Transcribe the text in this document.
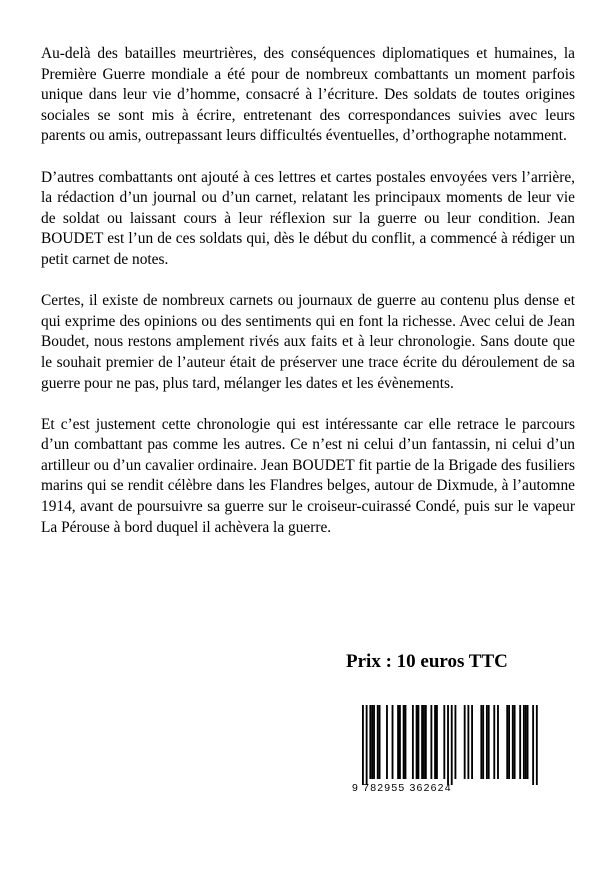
Au-delà des batailles meurtrières, des conséquences diplomatiques et humaines, la Première Guerre mondiale a été pour de nombreux combattants un moment parfois unique dans leur vie d’homme, consacré à l’écriture. Des soldats de toutes origines sociales se sont mis à écrire, entretenant des correspondances suivies avec leurs parents ou amis, outrepassant leurs difficultés éventuelles, d’orthographe notamment.

D’autres combattants ont ajouté à ces lettres et cartes postales envoyées vers l’arrière, la rédaction d’un journal ou d’un carnet, relatant les principaux moments de leur vie de soldat ou laissant cours à leur réflexion sur la guerre ou leur condition. Jean BOUDET est l’un de ces soldats qui, dès le début du conflit, a commencé à rédiger un petit carnet de notes.

Certes, il existe de nombreux carnets ou journaux de guerre au contenu plus dense et qui exprime des opinions ou des sentiments qui en font la richesse. Avec celui de Jean Boudet, nous restons amplement rivés aux faits et à leur chronologie. Sans doute que le souhait premier de l’auteur était de préserver une trace écrite du déroulement de sa guerre pour ne pas, plus tard, mélanger les dates et les évènements.

Et c’est justement cette chronologie qui est intéressante car elle retrace le parcours d’un combattant pas comme les autres. Ce n’est ni celui d’un fantassin, ni celui d’un artilleur ou d’un cavalier ordinaire. Jean BOUDET fit partie de la Brigade des fusiliers marins qui se rendit célèbre dans les Flandres belges, autour de Dixmude, à l’automne 1914, avant de poursuivre sa guerre sur le croiseur-cuirassé Condé, puis sur le vapeur La Pérouse à bord duquel il achèvera la guerre.

Prix : 10 euros TTC
9 782955 362624
